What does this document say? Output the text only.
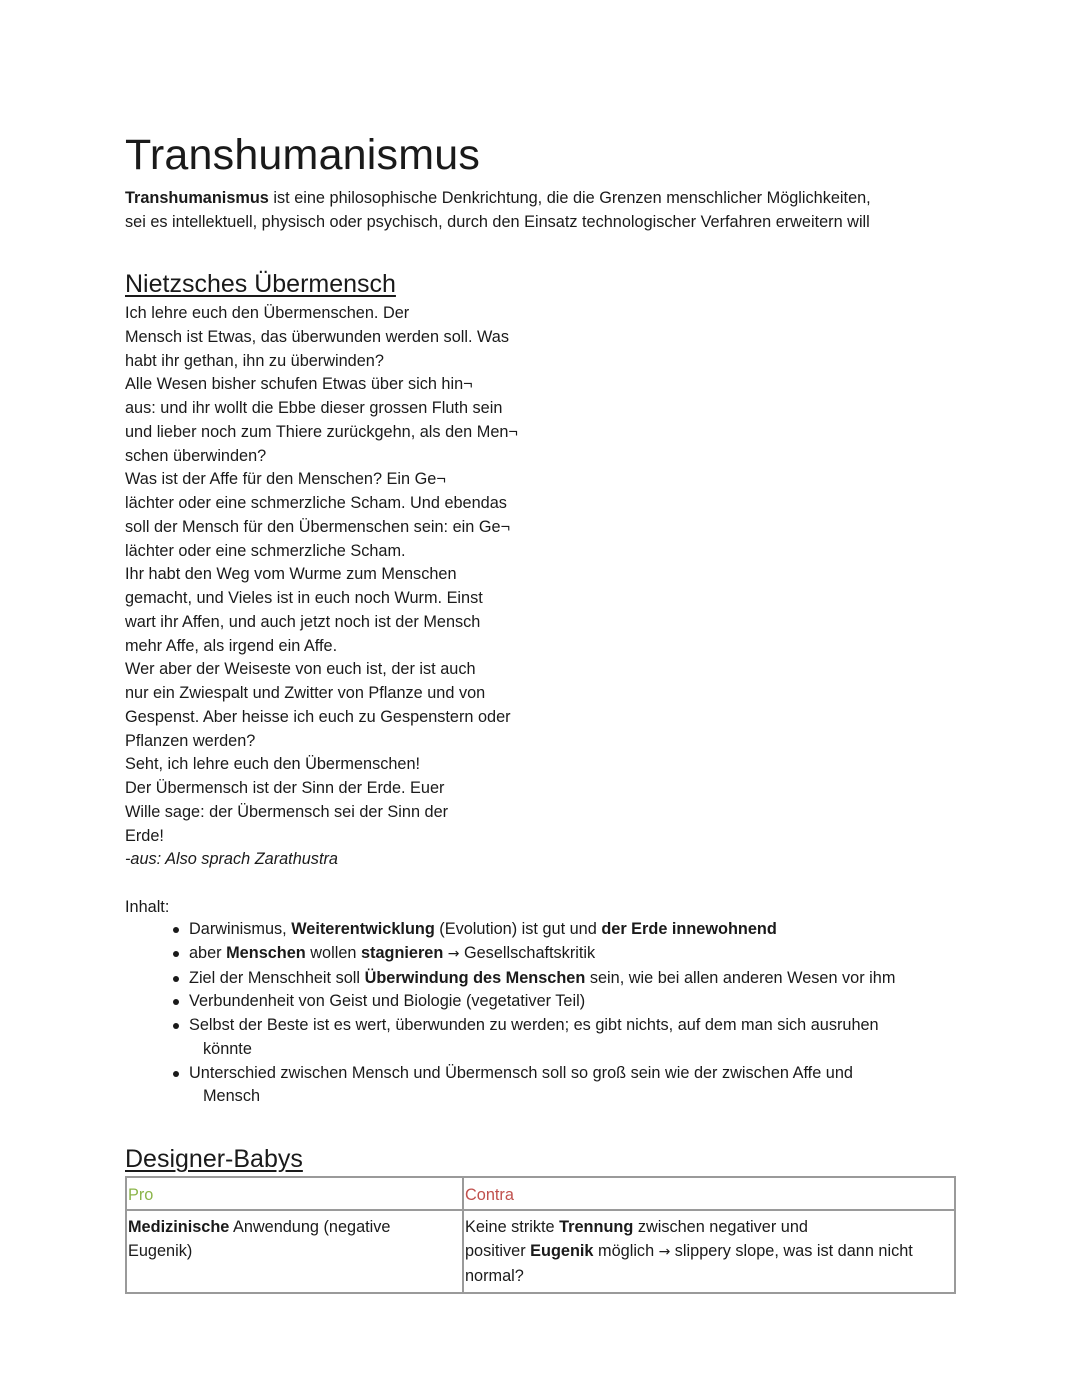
Transhumanismus

Transhumanismus ist eine philosophische Denkrichtung, die die Grenzen menschlicher Möglichkeiten,
sei es intellektuell, physisch oder psychisch, durch den Einsatz technologischer Verfahren erweitern will

Nietzsches Übermensch
Ich lehre euch den Übermenschen. Der
Mensch ist Etwas, das überwunden werden soll. Was
habt ihr gethan, ihn zu überwinden?
Alle Wesen bisher schufen Etwas über sich hin¬
aus: und ihr wollt die Ebbe dieser grossen Fluth sein
und lieber noch zum Thiere zurückgehn, als den Men¬
schen überwinden?
Was ist der Affe für den Menschen? Ein Ge¬
lächter oder eine schmerzliche Scham. Und ebendas
soll der Mensch für den Übermenschen sein: ein Ge¬
lächter oder eine schmerzliche Scham.
Ihr habt den Weg vom Wurme zum Menschen
gemacht, und Vieles ist in euch noch Wurm. Einst
wart ihr Affen, und auch jetzt noch ist der Mensch
mehr Affe, als irgend ein Affe.
Wer aber der Weiseste von euch ist, der ist auch
nur ein Zwiespalt und Zwitter von Pflanze und von
Gespenst. Aber heisse ich euch zu Gespenstern oder
Pflanzen werden?
Seht, ich lehre euch den Übermenschen!
Der Übermensch ist der Sinn der Erde. Euer
Wille sage: der Übermensch sei der Sinn der
Erde!
-aus: Also sprach Zarathustra
Inhalt:
Darwinismus, Weiterentwicklung (Evolution) ist gut und der Erde innewohnend
aber Menschen wollen stagnieren → Gesellschaftskritik
Ziel der Menschheit soll Überwindung des Menschen sein, wie bei allen anderen Wesen vor ihm
Verbundenheit von Geist und Biologie (vegetativer Teil)
Selbst der Beste ist es wert, überwunden zu werden; es gibt nichts, auf dem man sich ausruhen
könnte
Unterschied zwischen Mensch und Übermensch soll so groß sein wie der zwischen Affe und
Mensch
Designer-Babys
Pro	Contra
Medizinische Anwendung (negative
Eugenik)	Keine strikte Trennung zwischen negativer und
positiver Eugenik möglich → slippery slope, was ist dann nicht
normal?
